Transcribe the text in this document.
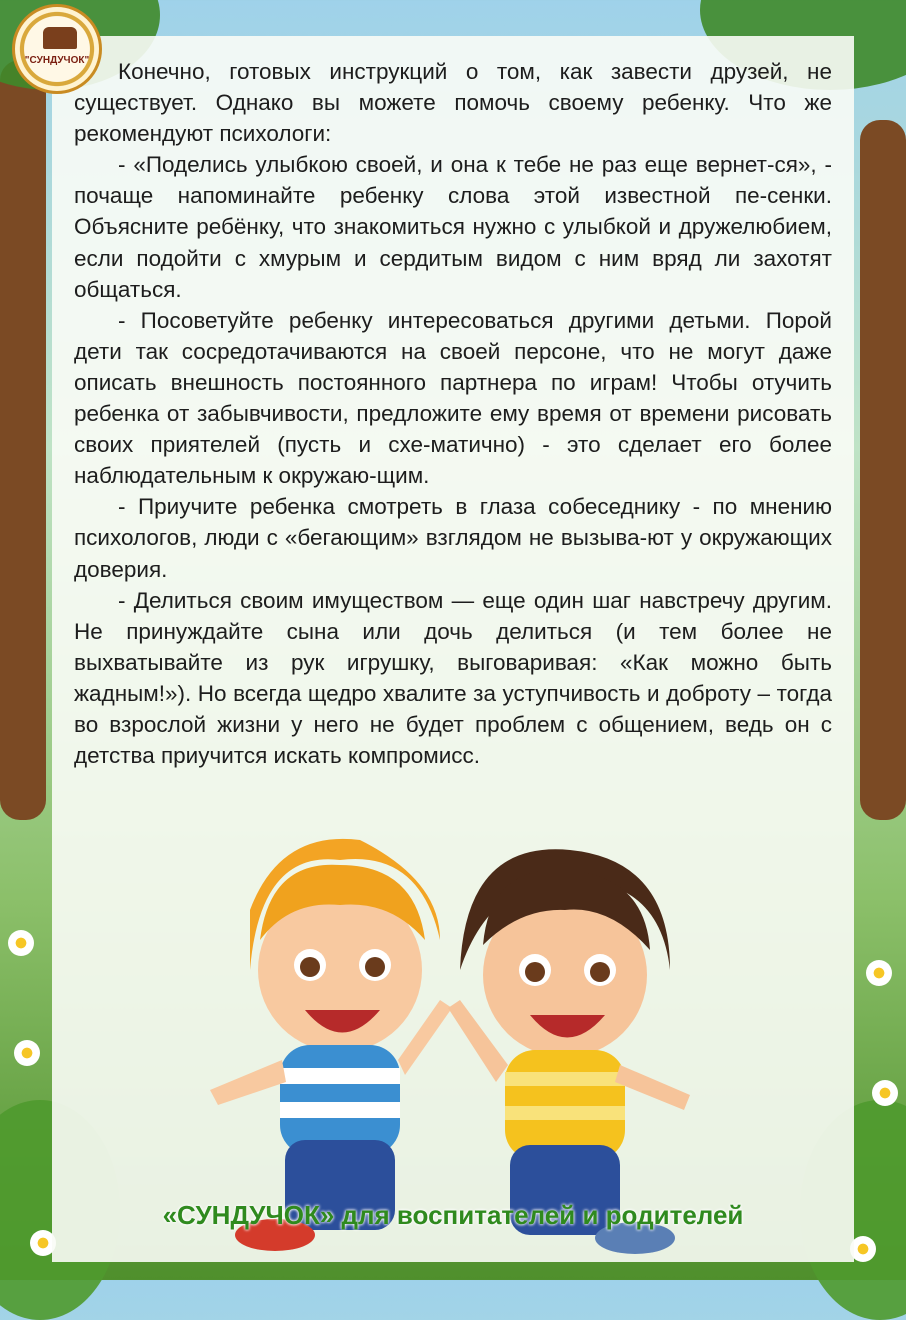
"СУНДУЧОК"	Конечно, готовых инструкций о том, как завести друзей, не существует. Однако вы можете помочь своему ребенку. Что же рекомендуют психологи:

- «Поделись улыбкою своей, и она к тебе не раз еще вернет-ся», - почаще напоминайте ребенку слова этой известной пе-сенки. Объясните ребёнку, что знакомиться нужно с улыбкой и дружелюбием, если подойти с хмурым и сердитым видом с ним вряд ли захотят общаться.

- Посоветуйте ребенку интересоваться другими детьми. Порой дети так сосредотачиваются на своей персоне, что не могут даже описать внешность постоянного партнера по играм! Чтобы отучить ребенка от забывчивости, предложите ему время от времени рисовать своих приятелей (пусть и схе-матично) - это сделает его более наблюдательным к окружаю-щим.

- Приучите ребенка смотреть в глаза собеседнику - по мнению психологов, люди с «бегающим» взглядом не вызыва-ют у окружающих доверия.

- Делиться своим имуществом — еще один шаг навстречу другим. Не принуждайте сына или дочь делиться (и тем более не выхватывайте из рук игрушку, выговаривая: «Как можно быть жадным!»). Но всегда щедро хвалите за уступчивость и доброту – тогда во взрослой жизни у него не будет проблем с общением, ведь он с детства приучится искать компромисс.

«СУНДУЧОК» для воспитателей и родителей
